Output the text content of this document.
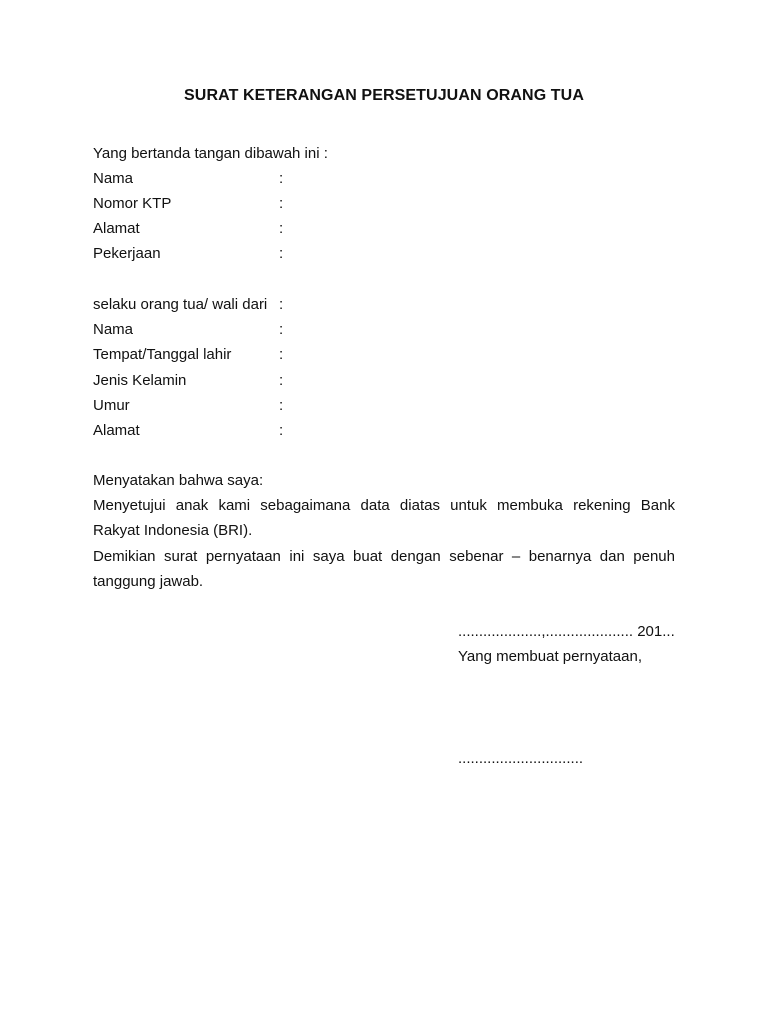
SURAT KETERANGAN PERSETUJUAN ORANG TUA
Yang bertanda tangan dibawah ini :
Nama	:
Nomor KTP	:
Alamat	:
Pekerjaan	:
selaku orang tua/ wali dari :
Nama	:
Tempat/Tanggal lahir	:
Jenis Kelamin	:
Umur	:
Alamat	:
Menyatakan bahwa saya:
Menyetujui anak kami sebagaimana data diatas untuk membuka rekening Bank
Rakyat Indonesia (BRI).
Demikian surat pernyataan ini saya buat dengan sebenar – benarnya dan penuh
tanggung jawab.
....................,..................... 201...
Yang membuat pernyataan,
..............................
